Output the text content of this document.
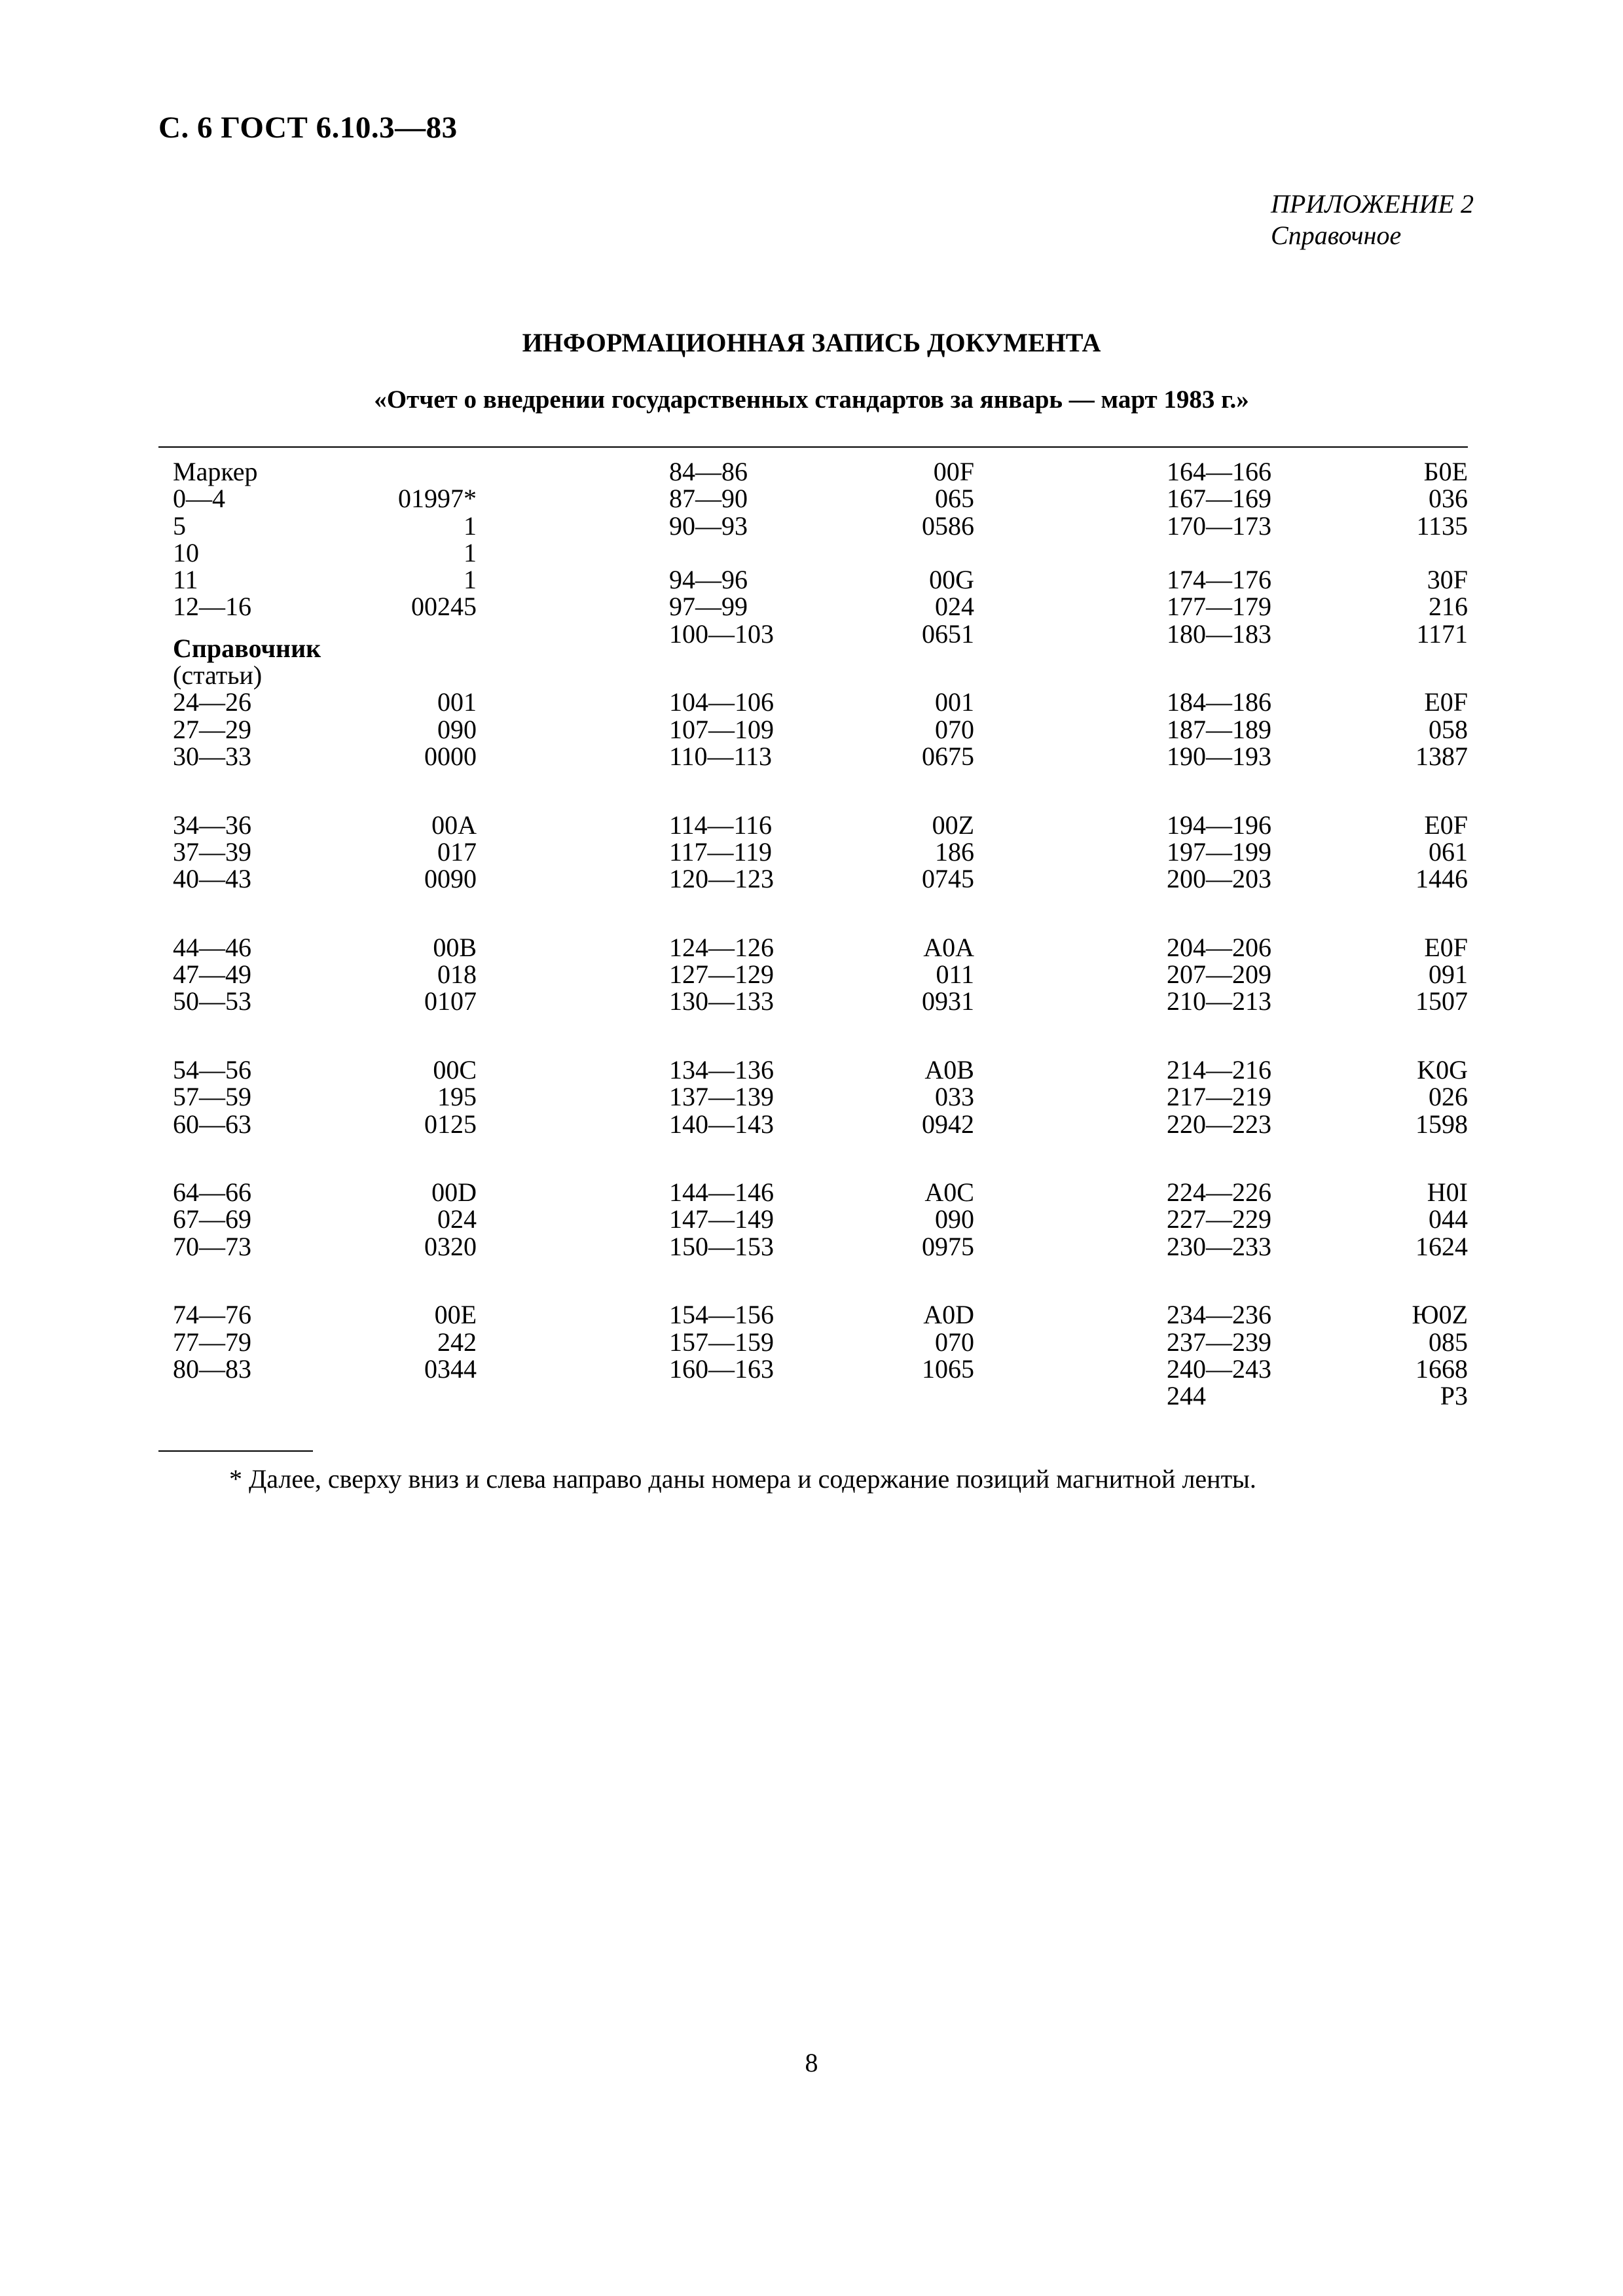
С. 6 ГОСТ 6.10.3—83
ПРИЛОЖЕНИЕ 2
Справочное
ИНФОРМАЦИОННАЯ ЗАПИСЬ ДОКУМЕНТА
«Отчет о внедрении государственных стандартов за январь — март 1983 г.»
Маркер
0—4	01997*
5	1
10	1
11	1
12—16	00245
Справочник
(статьи)
24—26	001
27—29	090
30—33	0000
34—36	00A
37—39	017
40—43	0090
44—46	00B
47—49	018
50—53	0107
54—56	00C
57—59	195
60—63	0125
64—66	00D
67—69	024
70—73	0320
74—76	00E
77—79	242
80—83	0344
84—86	00F
87—90	065
90—93	0586
94—96	00G
97—99	024
100—103	0651
104—106	001
107—109	070
110—113	0675
114—116	00Z
117—119	186
120—123	0745
124—126	A0A
127—129	011
130—133	0931
134—136	A0B
137—139	033
140—143	0942
144—146	A0C
147—149	090
150—153	0975
154—156	A0D
157—159	070
160—163	1065
164—166	Б0E
167—169	036
170—173	1135
174—176	30F
177—179	216
180—183	1171
184—186	E0F
187—189	058
190—193	1387
194—196	E0F
197—199	061
200—203	1446
204—206	E0F
207—209	091
210—213	1507
214—216	K0G
217—219	026
220—223	1598
224—226	H0I
227—229	044
230—233	1624
234—236	Ю0Z
237—239	085
240—243	1668
244	P3
* Далее, сверху вниз и слева направо даны номера и содержание позиций магнитной ленты.
8
